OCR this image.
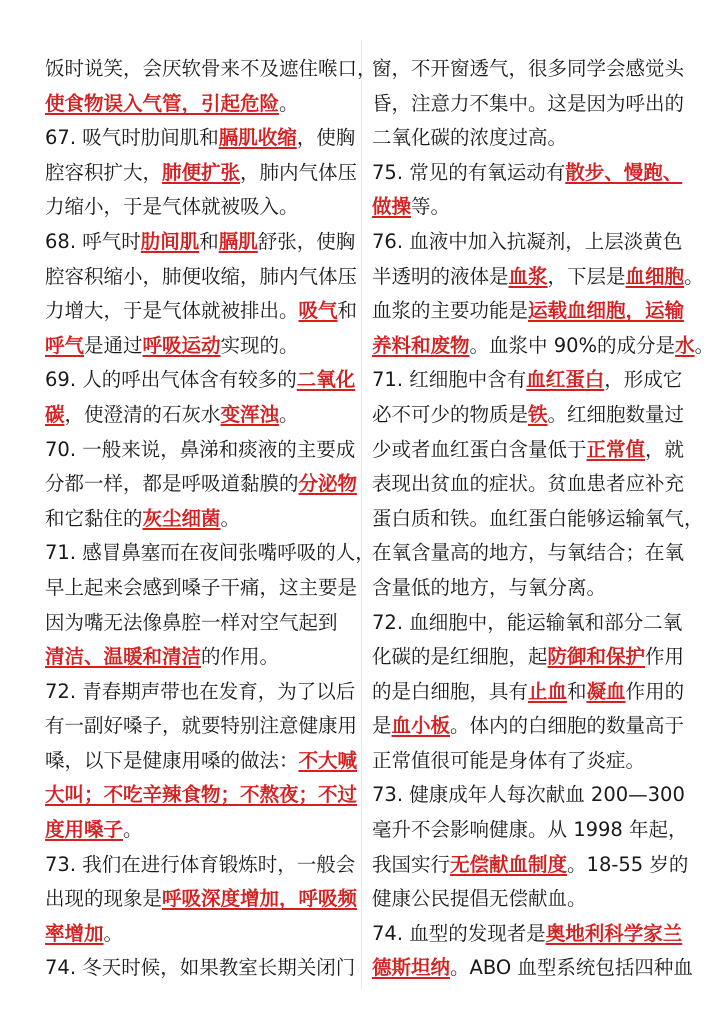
饭时说笑，会厌软骨来不及遮住喉口，
使食物误入气管，引起危险。
67. 吸气时肋间肌和膈肌收缩，使胸
腔容积扩大，肺便扩张，肺内气体压
力缩小，于是气体就被吸入。
68. 呼气时肋间肌和膈肌舒张，使胸
腔容积缩小，肺便收缩，肺内气体压
力增大，于是气体就被排出。吸气和
呼气是通过呼吸运动实现的。
69. 人的呼出气体含有较多的二氧化
碳，使澄清的石灰水变浑浊。
70. 一般来说，鼻涕和痰液的主要成
分都一样，都是呼吸道黏膜的分泌物
和它黏住的灰尘细菌。
71. 感冒鼻塞而在夜间张嘴呼吸的人，
早上起来会感到嗓子干痛，这主要是
因为嘴无法像鼻腔一样对空气起到
清洁、温暖和清洁的作用。
72. 青春期声带也在发育，为了以后
有一副好嗓子，就要特别注意健康用
嗓，以下是健康用嗓的做法：不大喊
大叫；不吃辛辣食物；不熬夜；不过
度用嗓子。
73. 我们在进行体育锻炼时，一般会
出现的现象是呼吸深度增加，呼吸频
率增加。
74. 冬天时候，如果教室长期关闭门
窗，不开窗透气，很多同学会感觉头
昏，注意力不集中。这是因为呼出的
二氧化碳的浓度过高。
75. 常见的有氧运动有散步、慢跑、
做操等。
76. 血液中加入抗凝剂，上层淡黄色
半透明的液体是血浆，下层是血细胞。
血浆的主要功能是运载血细胞，运输
养料和废物。血浆中 90%的成分是水。
71. 红细胞中含有血红蛋白，形成它
必不可少的物质是铁。红细胞数量过
少或者血红蛋白含量低于正常值，就
表现出贫血的症状。贫血患者应补充
蛋白质和铁。血红蛋白能够运输氧气，
在氧含量高的地方，与氧结合；在氧
含量低的地方，与氧分离。
72. 血细胞中，能运输氧和部分二氧
化碳的是红细胞，起防御和保护作用
的是白细胞，具有止血和凝血作用的
是血小板。体内的白细胞的数量高于
正常值很可能是身体有了炎症。
73. 健康成年人每次献血 200—300
毫升不会影响健康。从 1998 年起，
我国实行无偿献血制度。18-55 岁的
健康公民提倡无偿献血。
74. 血型的发现者是奥地利科学家兰
德斯坦纳。ABO 血型系统包括四种血
